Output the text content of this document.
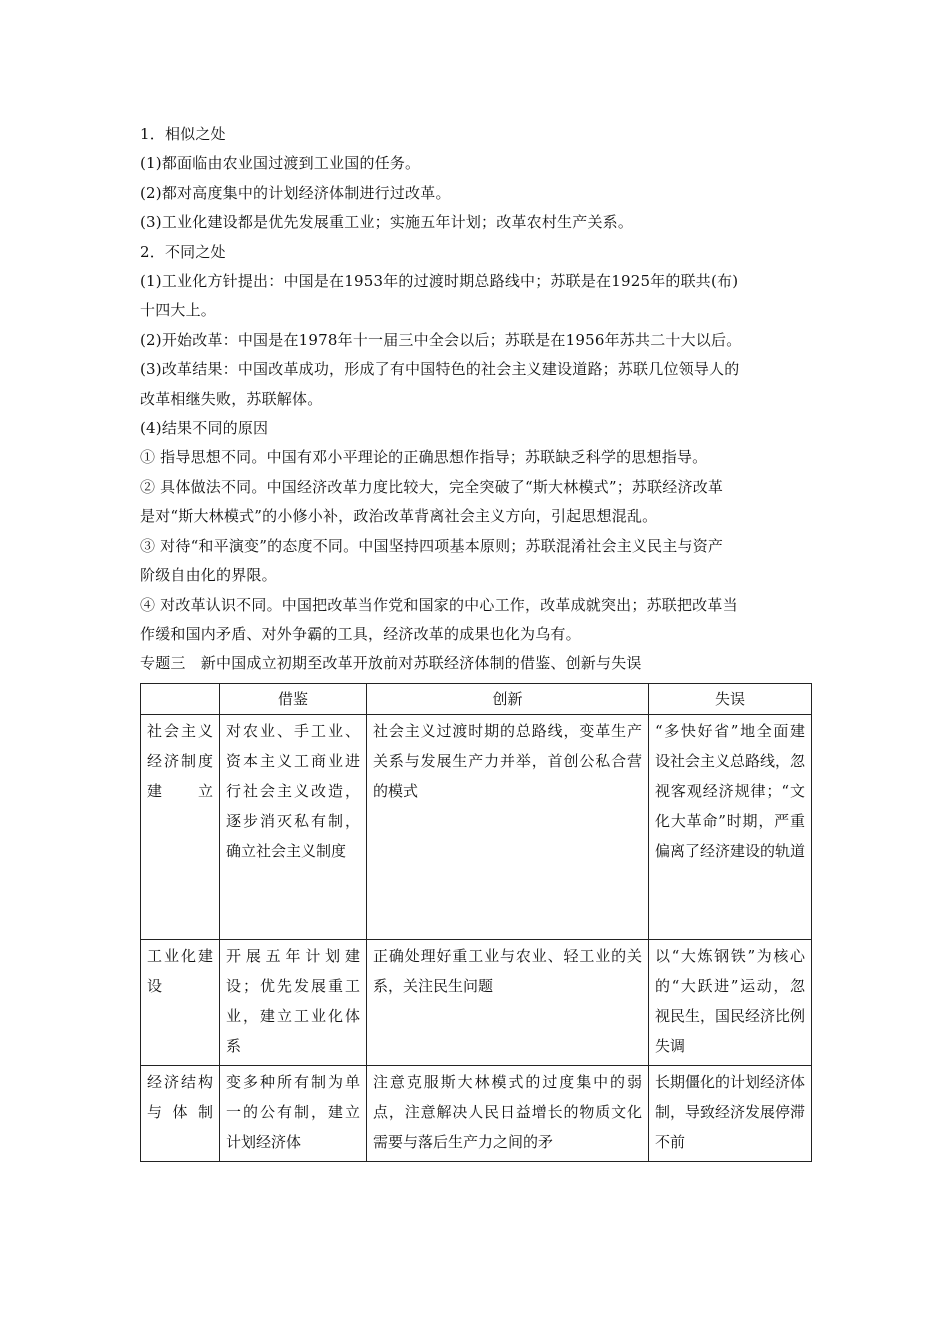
1．相似之处
(1)都面临由农业国过渡到工业国的任务。
(2)都对高度集中的计划经济体制进行过改革。
(3)工业化建设都是优先发展重工业；实施五年计划；改革农村生产关系。
2．不同之处
(1)工业化方针提出：中国是在1953年的过渡时期总路线中；苏联是在1925年的联共(布)
十四大上。
(2)开始改革：中国是在1978年十一届三中全会以后；苏联是在1956年苏共二十大以后。
(3)改革结果：中国改革成功，形成了有中国特色的社会主义建设道路；苏联几位领导人的
改革相继失败，苏联解体。
(4)结果不同的原因
① 指导思想不同。中国有邓小平理论的正确思想作指导；苏联缺乏科学的思想指导。
② 具体做法不同。中国经济改革力度比较大，完全突破了“斯大林模式”；苏联经济改革
是对“斯大林模式”的小修小补，政治改革背离社会主义方向，引起思想混乱。
③ 对待“和平演变”的态度不同。中国坚持四项基本原则；苏联混淆社会主义民主与资产
阶级自由化的界限。
④ 对改革认识不同。中国把改革当作党和国家的中心工作，改革成就突出；苏联把改革当
作缓和国内矛盾、对外争霸的工具，经济改革的成果也化为乌有。
专题三　新中国成立初期至改革开放前对苏联经济体制的借鉴、创新与失误
	借鉴	创新	失误
社会主义经济制度建立	对农业、手工业、资本主义工商业进行社会主义改造，逐步消灭私有制，确立社会主义制度	社会主义过渡时期的总路线，变革生产关系与发展生产力并举，首创公私合营的模式	“多快好省”地全面建设社会主义总路线，忽视客观经济规律；“文化大革命”时期，严重偏离了经济建设的轨道
工业化建设	开展五年计划建设；优先发展重工业，建立工业化体系	正确处理好重工业与农业、轻工业的关系，关注民生问题	以“大炼钢铁”为核心的“大跃进”运动，忽视民生，国民经济比例失调
经济结构与体制	变多种所有制为单一的公有制，建立计划经济体	注意克服斯大林模式的过度集中的弱点，注意解决人民日益增长的物质文化需要与落后生产力之间的矛	长期僵化的计划经济体制，导致经济发展停滞不前
